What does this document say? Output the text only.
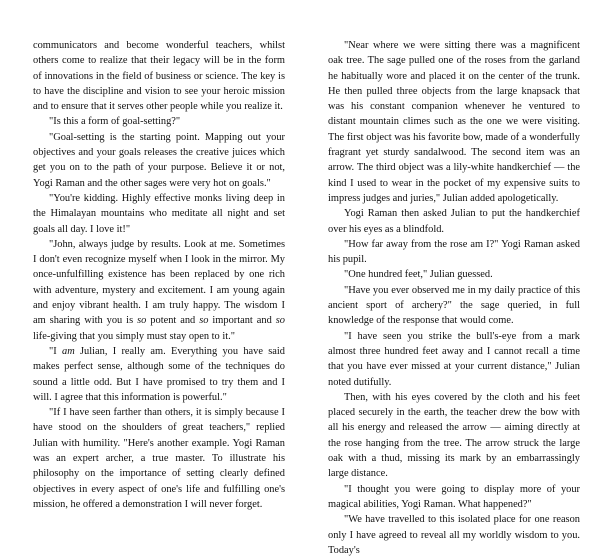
communicators and become wonderful teachers, whilst others come to realize that their legacy will be in the form of innovations in the field of business or science. The key is to have the discipline and vision to see your heroic mission and to ensure that it serves other people while you realize it.

"Is this a form of goal-setting?"

"Goal-setting is the starting point. Mapping out your objectives and your goals releases the creative juices which get you on to the path of your purpose. Believe it or not, Yogi Raman and the other sages were very hot on goals."

"You're kidding. Highly effective monks living deep in the Himalayan mountains who meditate all night and set goals all day. I love it!"

"John, always judge by results. Look at me. Sometimes I don't even recognize myself when I look in the mirror. My once-unfulfilling existence has been replaced by one rich with adventure, mystery and excitement. I am young again and enjoy vibrant health. I am truly happy. The wisdom I am sharing with you is so potent and so important and so life-giving that you simply must stay open to it."

"I am Julian, I really am. Everything you have said makes perfect sense, although some of the techniques do sound a little odd. But I have promised to try them and I will. I agree that this information is powerful."

"If I have seen farther than others, it is simply because I have stood on the shoulders of great teachers," replied Julian with humility. "Here's another example. Yogi Raman was an expert archer, a true master. To illustrate his philosophy on the importance of setting clearly defined objectives in every aspect of one's life and fulfilling one's mission, he offered a demonstration I will never forget.

"Near where we were sitting there was a magnificent oak tree. The sage pulled one of the roses from the garland he habitually wore and placed it on the center of the trunk. He then pulled three objects from the large knapsack that was his constant companion whenever he ventured to distant mountain climes such as the one we were visiting. The first object was his favorite bow, made of a wonderfully fragrant yet sturdy sandalwood. The second item was an arrow. The third object was a lily-white handkerchief — the kind I used to wear in the pocket of my expensive suits to impress judges and juries," Julian added apologetically.

Yogi Raman then asked Julian to put the handkerchief over his eyes as a blindfold.

"How far away from the rose am I?" Yogi Raman asked his pupil.

"One hundred feet," Julian guessed.

"Have you ever observed me in my daily practice of this ancient sport of archery?" the sage queried, in full knowledge of the response that would come.

"I have seen you strike the bull's-eye from a mark almost three hundred feet away and I cannot recall a time that you have ever missed at your current distance," Julian noted dutifully.

Then, with his eyes covered by the cloth and his feet placed securely in the earth, the teacher drew the bow with all his energy and released the arrow — aiming directly at the rose hanging from the tree. The arrow struck the large oak with a thud, missing its mark by an embarrassingly large distance.

"I thought you were going to display more of your magical abilities, Yogi Raman. What happened?"

"We have travelled to this isolated place for one reason only I have agreed to reveal all my worldly wisdom to you. Today's
